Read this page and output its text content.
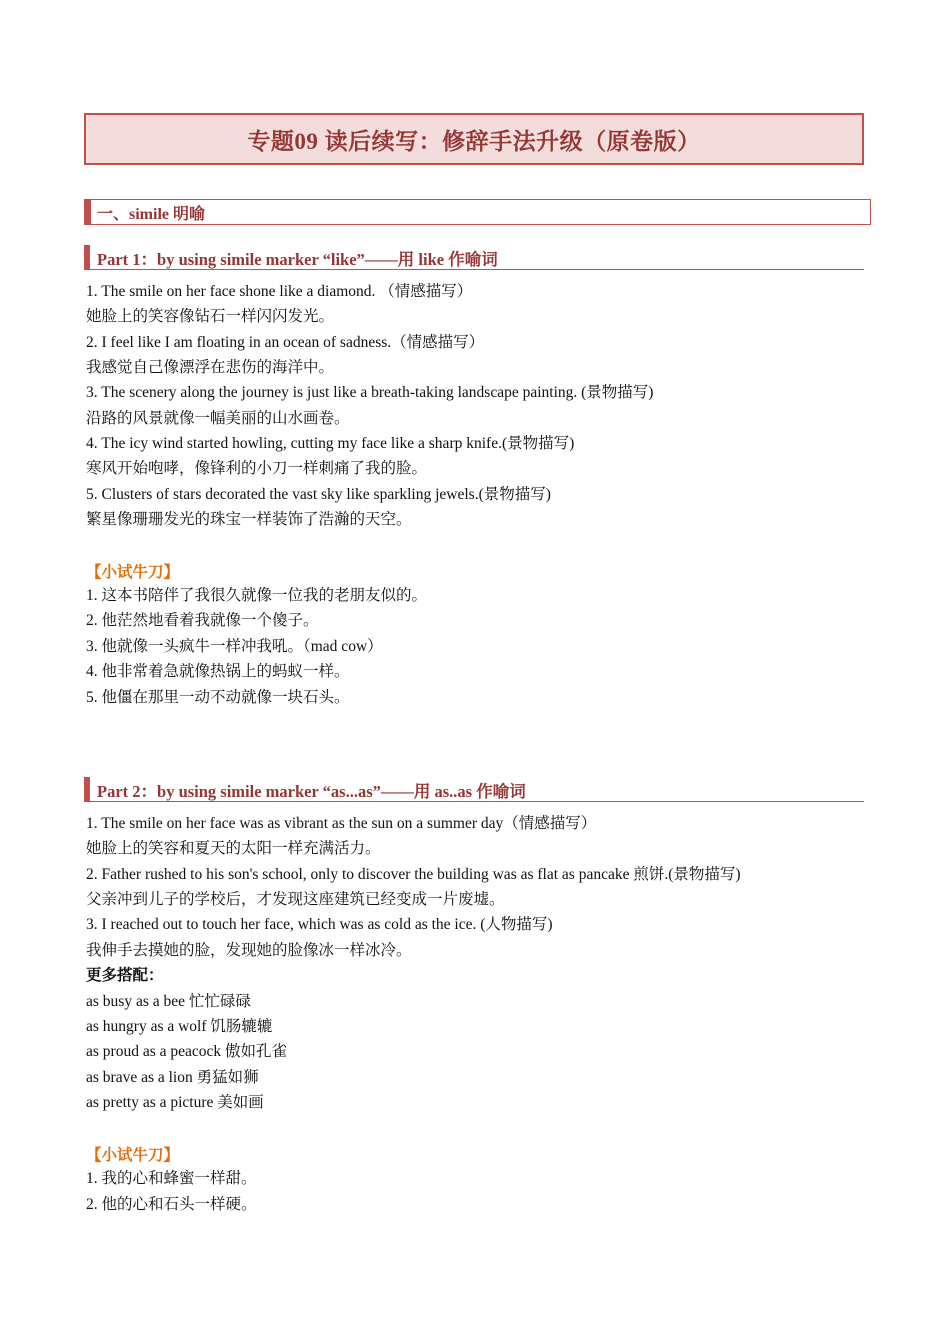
专题09 读后续写：修辞手法升级（原卷版）
一、simile 明喻
Part 1：by using simile marker “like”——用 like 作喻词
1. The smile on her face shone like a diamond. （情感描写）
她脸上的笑容像钻石一样闪闪发光。
2. I feel like I am floating in an ocean of sadness.（情感描写）
我感觉自己像漂浮在悲伤的海洋中。
3. The scenery along the journey is just like a breath-taking landscape painting. (景物描写)
沿路的风景就像一幅美丽的山水画卷。
4. The icy wind started howling, cutting my face like a sharp knife.(景物描写)
寒风开始咆哮，像锋利的小刀一样刺痛了我的脸。
5. Clusters of stars decorated the vast sky like sparkling jewels.(景物描写)
繁星像珊珊发光的珠宝一样装饰了浩瀚的天空。
【小试牛刀】
1. 这本书陪伴了我很久就像一位我的老朋友似的。
2. 他茫然地看着我就像一个傻子。
3. 他就像一头疯牛一样冲我吼。（mad cow）
4. 他非常着急就像热锅上的蚂蚁一样。
5. 他僵在那里一动不动就像一块石头。
Part 2：by using simile marker “as...as”——用 as..as 作喻词
1. The smile on her face was as vibrant as the sun on a summer day（情感描写）
她脸上的笑容和夏天的太阳一样充满活力。
2. Father rushed to his son's school, only to discover the building was as flat as pancake 煎饼.(景物描写)
父亲冲到儿子的学校后，才发现这座建筑已经变成一片废墟。
3. I reached out to touch her face, which was as cold as the ice. (人物描写)
我伸手去摸她的脸，发现她的脸像冰一样冰冷。
更多搭配：
as busy as a bee 忙忙碌碌
as hungry as a wolf 饥肠辘辘
as proud as a peacock 傲如孔雀
as brave as a lion 勇猛如狮
as pretty as a picture 美如画
【小试牛刀】
1. 我的心和蜂蜜一样甜。
2. 他的心和石头一样硬。
